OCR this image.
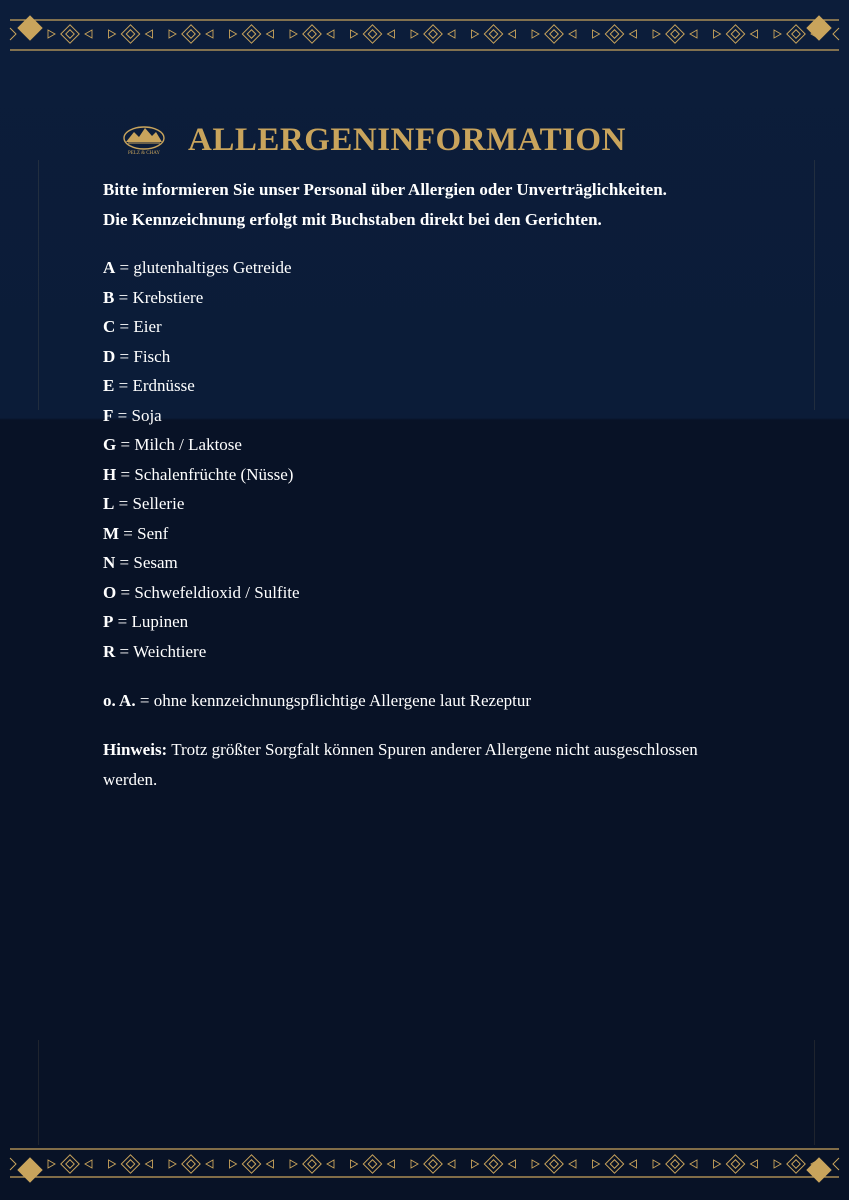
PELZ & CHAY ALLERGENINFORMATION

Bitte informieren Sie unser Personal über Allergien oder Unverträglichkeiten.

Die Kennzeichnung erfolgt mit Buchstaben direkt bei den Gerichten.

A = glutenhaltiges Getreide
B = Krebstiere
C = Eier
D = Fisch
E = Erdnüsse
F = Soja
G = Milch / Laktose
H = Schalenfrüchte (Nüsse)
L = Sellerie
M = Senf
N = Sesam
O = Schwefeldioxid / Sulfite
P = Lupinen
R = Weichtiere
o. A. = ohne kennzeichnungspflichtige Allergene laut Rezeptur
Hinweis: Trotz größter Sorgfalt können Spuren anderer Allergene nicht ausgeschlossen werden.
